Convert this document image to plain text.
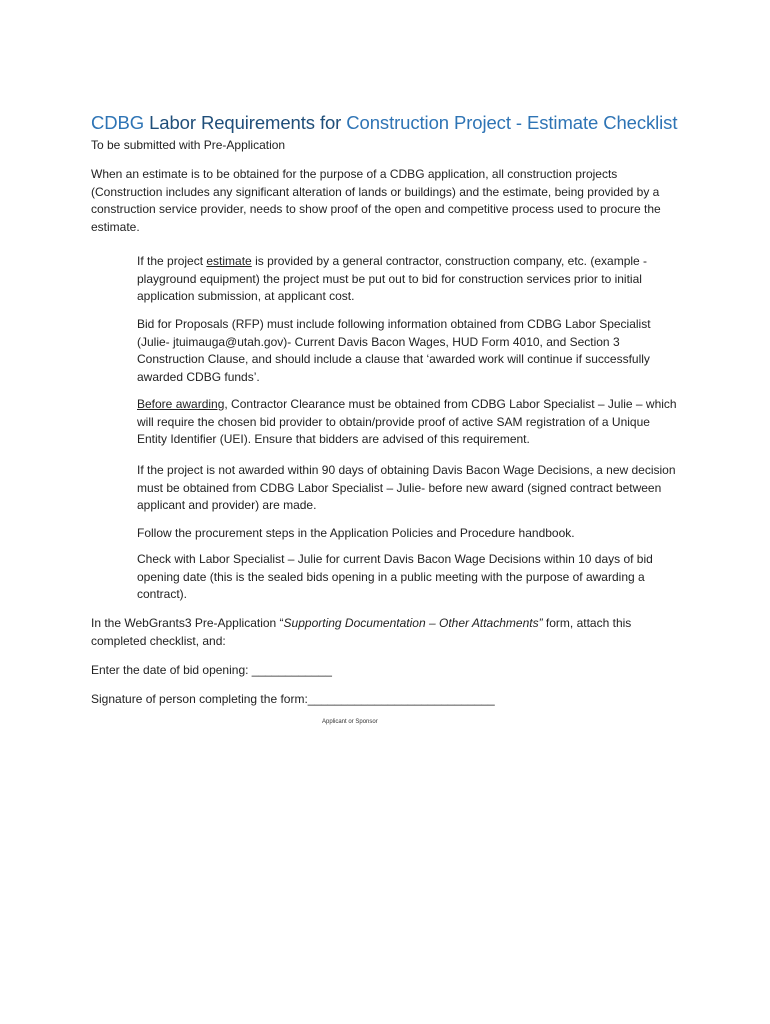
CDBG Labor Requirements for Construction Project - Estimate Checklist
To be submitted with Pre-Application
When an estimate is to be obtained for the purpose of a CDBG application, all construction projects (Construction includes any significant alteration of lands or buildings) and the estimate, being provided by a construction service provider, needs to show proof of the open and competitive process used to procure the estimate.
If the project estimate is provided by a general contractor, construction company, etc. (example - playground equipment) the project must be put out to bid for construction services prior to initial application submission, at applicant cost.
Bid for Proposals (RFP) must include following information obtained from CDBG Labor Specialist (Julie- jtuimauga@utah.gov)- Current Davis Bacon Wages, HUD Form 4010, and Section 3 Construction Clause, and should include a clause that ‘awarded work will continue if successfully awarded CDBG funds’.
Before awarding, Contractor Clearance must be obtained from CDBG Labor Specialist – Julie – which will require the chosen bid provider to obtain/provide proof of active SAM registration of a Unique Entity Identifier (UEI). Ensure that bidders are advised of this requirement.
If the project is not awarded within 90 days of obtaining Davis Bacon Wage Decisions, a new decision must be obtained from CDBG Labor Specialist – Julie- before new award (signed contract between applicant and provider) are made.
Follow the procurement steps in the Application Policies and Procedure handbook.
Check with Labor Specialist – Julie for current Davis Bacon Wage Decisions within 10 days of bid opening date (this is the sealed bids opening in a public meeting with the purpose of awarding a contract).
In the WebGrants3 Pre-Application “Supporting Documentation – Other Attachments” form, attach this completed checklist, and:
Enter the date of bid opening: ____________
Signature of person completing the form:____________________________
Applicant or Sponsor
